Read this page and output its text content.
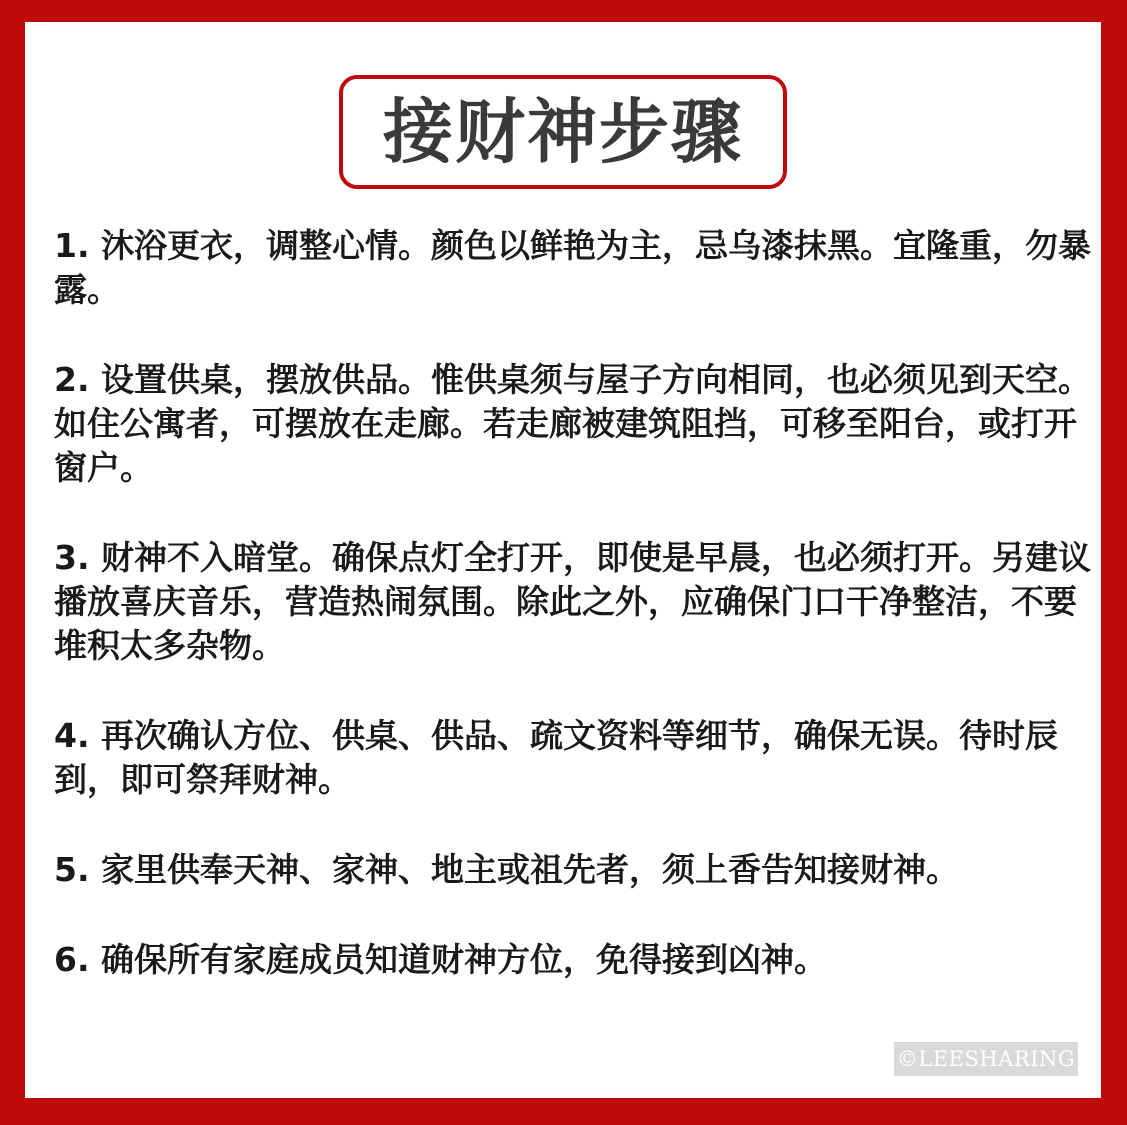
接财神步骤
1. 沐浴更衣，调整心情。颜色以鲜艳为主，忌乌漆抹黑。宜隆重，勿暴露。
2. 设置供桌，摆放供品。惟供桌须与屋子方向相同，也必须见到天空。如住公寓者，可摆放在走廊。若走廊被建筑阻挡，可移至阳台，或打开窗户。
3. 财神不入暗堂。确保点灯全打开，即使是早晨，也必须打开。另建议播放喜庆音乐，营造热闹氛围。除此之外，应确保门口干净整洁，不要堆积太多杂物。
4. 再次确认方位、供桌、供品、疏文资料等细节，确保无误。待时辰到，即可祭拜财神。
5. 家里供奉天神、家神、地主或祖先者，须上香告知接财神。
6. 确保所有家庭成员知道财神方位，免得接到凶神。
©LEESHARING
